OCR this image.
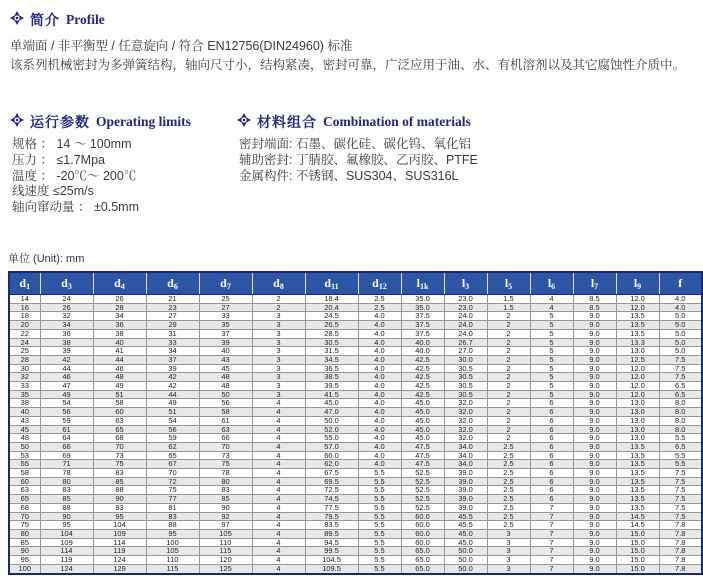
简介 Profile
单端面 / 非平衡型 / 任意旋向 / 符合 EN12756(DIN24960) 标准
该系列机械密封为多弹簧结构，轴向尺寸小，结构紧凑，密封可靠，广泛应用于油、水、有机溶剂以及其它腐蚀性介质中。
运行参数 Operating limits
规格 ： 14 ～ 100mm
压力 ： ≤1.7Mpa
温度 ： -20℃～ 200℃
线速度 ≤25m/s
轴向窜动量 ： ±0.5mm
材料组合 Combination of materials
密封端面: 石墨、碳化硅、碳化钨、氧化铝
辅助密封: 丁腈胶、氟橡胶、乙丙胶、PTFE
金属构件: 不锈钢、SUS304、SUS316L
单位 (Unit): mm
$d_1$	$d_3$	$d_4$	$d_6$	$d_7$	$d_8$	$d_{11}$	$d_{12}$	$l_{1k}$	$l_3$	$l_5$	$l_6$	$l_7$	$l_9$	f
14	24	26	21	25	2	18.4	2.5	35.0	23.0	1.5	4	8.5	12.0	4.0
16	26	28	23	27	2	20.4	2.5	35.0	23.0	1.5	4	8.5	12.0	4.0
18	32	34	27	33	3	24.5	4.0	37.5	24.0	2	5	9.0	13.5	5.0
20	34	36	29	35	3	26.5	4.0	37.5	24.0	2	5	9.0	13.5	5.0
22	36	38	31	37	3	28.5	4.0	37.5	24.0	2	5	9.0	13.5	5.0
24	38	40	33	39	3	30.5	4.0	40.0	26.7	2	5	9.0	13.3	5.0
25	39	41	34	40	3	31.5	4.0	40.0	27.0	2	5	9.0	13.0	5.0
28	42	44	37	43	3	34.5	4.0	42.5	30.0	2	5	9.0	12.5	7.5
30	44	46	39	45	3	36.5	4.0	42.5	30.5	2	5	9.0	12.0	7.5
32	46	48	42	48	3	38.5	4.0	42.5	30.5	2	5	9.0	12.0	7.5
33	47	49	42	48	3	39.5	4.0	42.5	30.5	2	5	9.0	12.0	6.5
35	49	51	44	50	3	41.5	4.0	42.5	30.5	2	5	9.0	12.0	6.5
38	54	58	49	56	4	45.0	4.0	45.0	32.0	2	6	9.0	13.0	8.0
40	56	60	51	58	4	47.0	4.0	45.0	32.0	2	6	9.0	13.0	8.0
43	59	63	54	61	4	50.0	4.0	45.0	32.0	2	6	9.0	13.0	8.0
45	61	65	56	63	4	52.0	4.0	45.0	32.0	2	6	9.0	13.0	8.0
48	64	68	59	66	4	55.0	4.0	45.0	32.0	2	6	9.0	13.0	5.5
50	66	70	62	70	4	57.0	4.0	47.5	34.0	2.5	6	9.0	13.5	6.5
53	69	73	65	73	4	60.0	4.0	47.5	34.0	2.5	6	9.0	13.5	5.5
55	71	75	67	75	4	62.0	4.0	47.5	34.0	2.5	6	9.0	13.5	5.5
58	78	83	70	78	4	67.5	5.5	52.5	39.0	2.5	6	9.0	13.5	7.5
60	80	85	72	80	4	69.5	5.5	52.5	39.0	2.5	6	9.0	13.5	7.5
63	83	88	75	83	4	72.5	5.5	52.5	39.0	2.5	6	9.0	13.5	7.5
65	85	90	77	85	4	74.5	5.5	52.5	39.0	2.5	6	9.0	13.5	7.5
68	88	93	81	90	4	77.5	5.5	52.5	39.0	2.5	7	9.0	13.5	7.5
70	90	95	83	92	4	79.5	5.5	60.0	45.5	2.5	7	9.0	14.5	7.5
75	95	104	88	97	4	83.5	5.5	60.0	45.5	2.5	7	9.0	14.5	7.8
80	104	109	95	105	4	89.5	5.5	60.0	45.0	3	7	9.0	15.0	7.8
85	109	114	100	110	4	94.5	5.5	60.0	45.0	3	7	9.0	15.0	7.8
90	114	119	105	115	4	99.5	5.5	65.0	50.0	3	7	9.0	15.0	7.8
95	119	124	110	120	4	104.5	5.5	65.0	50.0	3	7	9.0	15.0	7.8
100	124	129	115	125	4	109.5	5.5	65.0	50.0	3	7	9.0	15.0	7.8
